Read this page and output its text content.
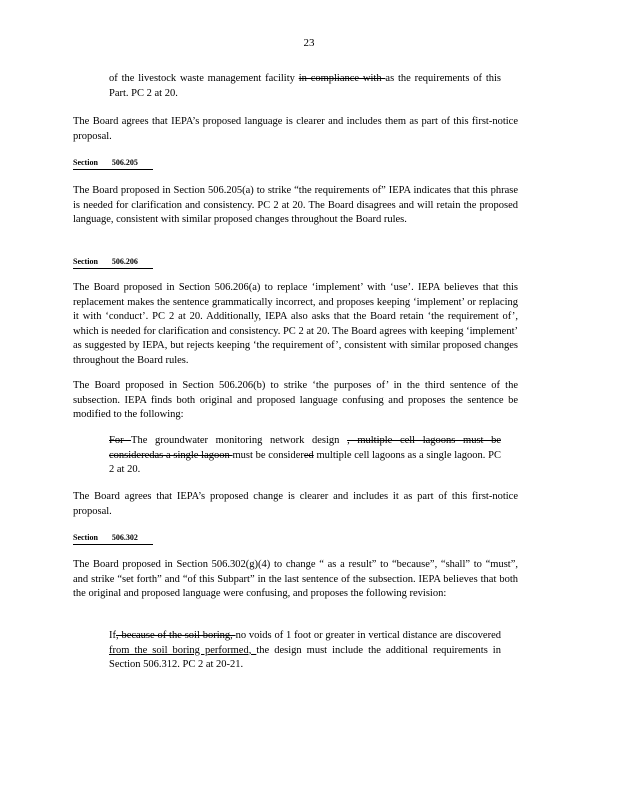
23
of the livestock waste management facility in compliance with as the requirements of this Part. PC 2 at 20.
The Board agrees that IEPA’s proposed language is clearer and includes them as part of this first-notice proposal.
Section 506.205
The Board proposed in Section 506.205(a) to strike “the requirements of” IEPA indicates that this phrase is needed for clarification and consistency. PC 2 at 20. The Board disagrees and will retain the proposed language, consistent with similar proposed changes throughout the Board rules.
Section 506.206
The Board proposed in Section 506.206(a) to replace ‘implement’ with ‘use’. IEPA believes that this replacement makes the sentence grammatically incorrect, and proposes keeping ‘implement’ or replacing it with ‘conduct’. PC 2 at 20. Additionally, IEPA also asks that the Board retain ‘the requirement of’, which is needed for clarification and consistency. PC 2 at 20. The Board agrees with keeping ‘implement’ as suggested by IEPA, but rejects keeping ‘the requirement of’, consistent with similar proposed changes throughout the Board rules.
The Board proposed in Section 506.206(b) to strike ‘the purposes of’ in the third sentence of the subsection. IEPA finds both original and proposed language confusing and proposes the sentence be modified to the following:
For The groundwater monitoring network design , multiple cell lagoons must be consideredas a single lagoon must be considered multiple cell lagoons as a single lagoon. PC 2 at 20.
The Board agrees that IEPA’s proposed change is clearer and includes it as part of this first-notice proposal.
Section 506.302
The Board proposed in Section 506.302(g)(4) to change “ as a result” to “because”, “shall” to “must”, and strike “set forth” and “of this Subpart” in the last sentence of the subsection. IEPA believes that both the original and proposed language were confusing, and proposes the following revision:
If, because of the soil boring, no voids of 1 foot or greater in vertical distance are discovered from the soil boring performed, the design must include the additional requirements in Section 506.312. PC 2 at 20-21.
